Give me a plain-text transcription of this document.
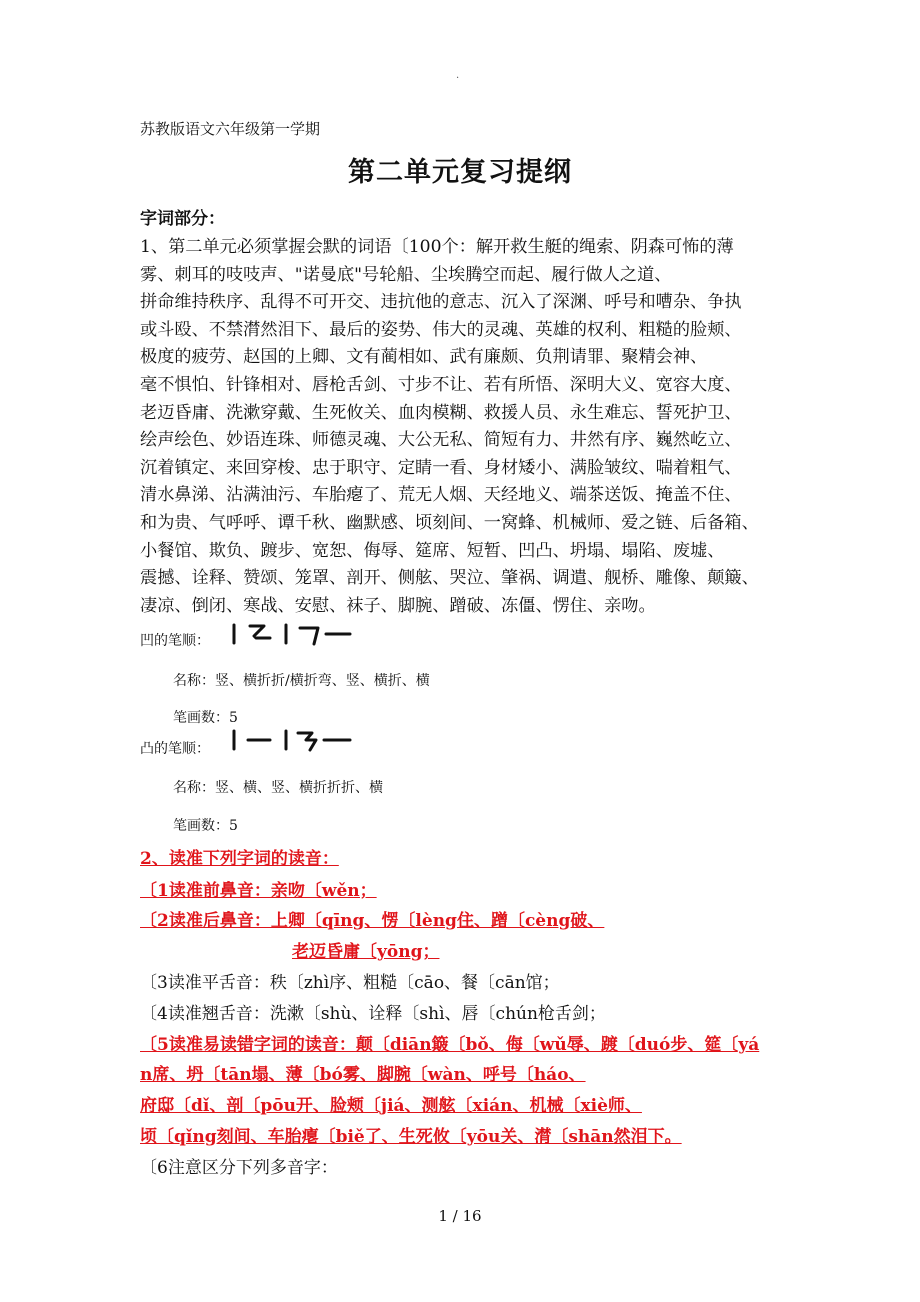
.
苏教版语文六年级第一学期
第二单元复习提纲
字词部分：
1、第二单元必须掌握会默的词语〔100个：解开救生艇的绳索、阴森可怖的薄
雾、刺耳的吱吱声、"诺曼底"号轮船、尘埃腾空而起、履行做人之道、
拼命维持秩序、乱得不可开交、违抗他的意志、沉入了深渊、呼号和嘈杂、争执
或斗殴、不禁潸然泪下、最后的姿势、伟大的灵魂、英雄的权利、粗糙的脸颊、
极度的疲劳、赵国的上卿、文有蔺相如、武有廉颇、负荆请罪、聚精会神、
毫不惧怕、针锋相对、唇枪舌剑、寸步不让、若有所悟、深明大义、宽容大度、
老迈昏庸、洗漱穿戴、生死攸关、血肉模糊、救援人员、永生难忘、誓死护卫、
绘声绘色、妙语连珠、师德灵魂、大公无私、简短有力、井然有序、巍然屹立、
沉着镇定、来回穿梭、忠于职守、定睛一看、身材矮小、满脸皱纹、喘着粗气、
清水鼻涕、沾满油污、车胎瘪了、荒无人烟、天经地义、端茶送饭、掩盖不住、
和为贵、气呼呼、谭千秋、幽默感、顷刻间、一窝蜂、机械师、爱之链、后备箱、
小餐馆、欺负、踱步、宽恕、侮辱、筵席、短暂、凹凸、坍塌、塌陷、废墟、
震撼、诠释、赞颂、笼罩、剖开、侧舷、哭泣、肇祸、调遣、舰桥、雕像、颠簸、
凄凉、倒闭、寒战、安慰、袜子、脚腕、蹭破、冻僵、愣住、亲吻。
凹的笔顺：
名称：竖、横折折/横折弯、竖、横折、横
笔画数：5
凸的笔顺：
名称：竖、横、竖、横折折折、横
笔画数：5
2、读准下列字词的读音：
〔1读准前鼻音：亲吻〔wěn；
〔2读准后鼻音：上卿〔qīng、愣〔lèng住、蹭〔cèng破、
老迈昏庸〔yōng；
〔3读准平舌音：秩〔zhì序、粗糙〔cāo、餐〔cān馆；
〔4读准翘舌音：洗漱〔shù、诠释〔shì、唇〔chún枪舌剑；
〔5读准易读错字词的读音：颠〔diān簸〔bǒ、侮〔wǔ辱、踱〔duó步、筵〔yá
n席、坍〔tān塌、薄〔bó雾、脚腕〔wàn、呼号〔háo、
府邸〔dǐ、剖〔pōu开、脸颊〔jiá、测舷〔xián、机械〔xiè师、
顷〔qǐng刻间、车胎瘪〔biě了、生死攸〔yōu关、潸〔shān然泪下。
〔6注意区分下列多音字：
1 / 16
